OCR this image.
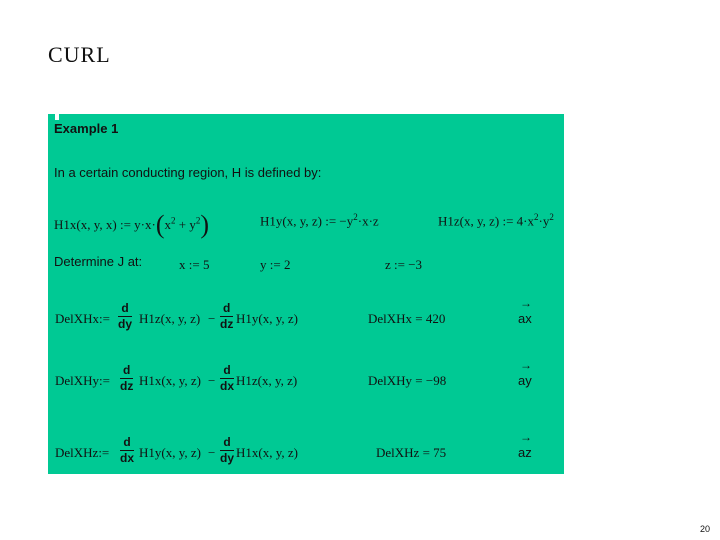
CURL
Example 1
In a certain conducting region, H is defined by:
H1x(x, y, x) := $y\cdot x\cdot(x^2 + y^2)$	H1y(x, y, z) := $-y^2\cdot x\cdot z$	H1z(x, y, z) := $4\cdot x^2\cdot y^2$
Determine J at:	x := 5	y := 2	z := −3
DelXHx:=
d
dy H1z(x, y, z) −
d
dz H1y(x, y, z)	DelXHx = 420
→
ax
DelXHy:=
d
dz H1x(x, y, z) −
d
dx H1z(x, y, z)	DelXHy = −98
→
ay
DelXHz:=
d
dx H1y(x, y, z) −
d
dy H1x(x, y, z)	DelXHz = 75
→
az
20
